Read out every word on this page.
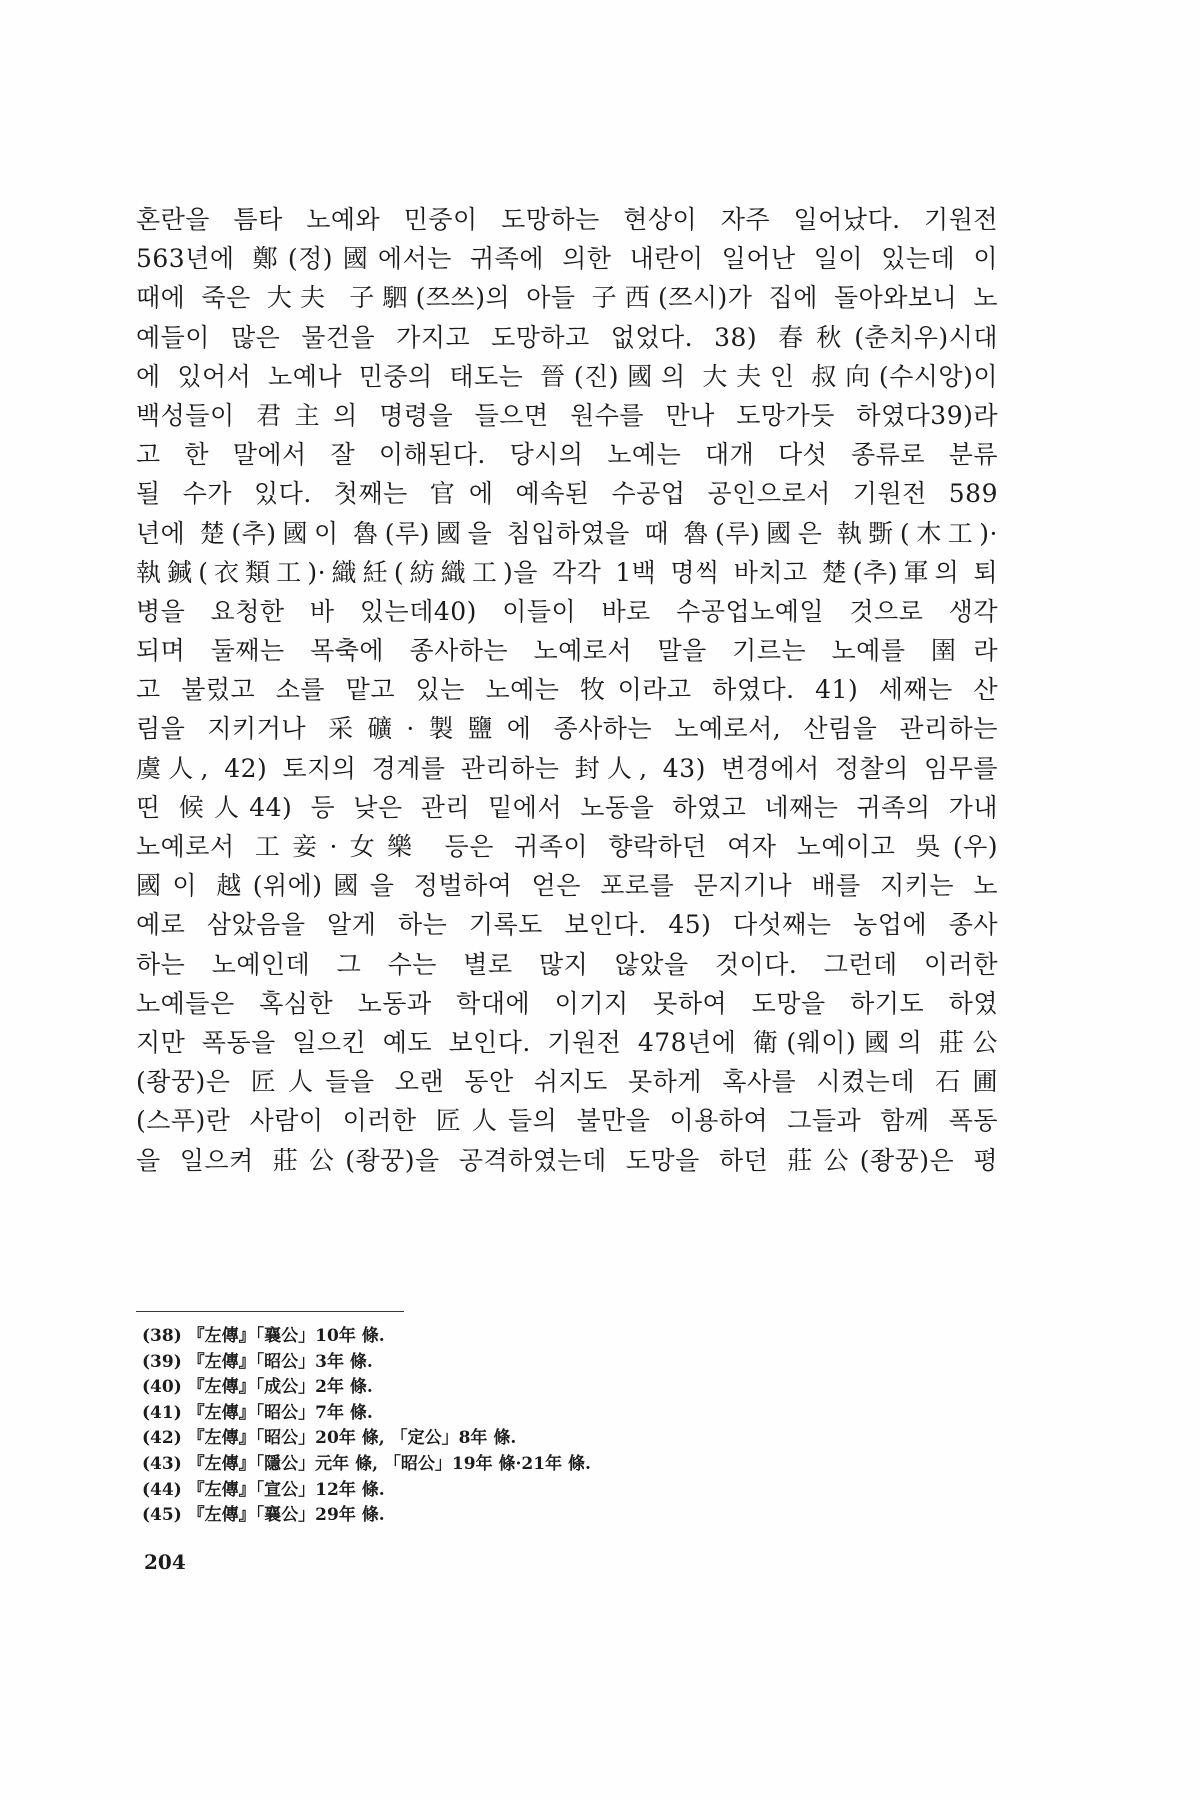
혼란을 틈타 노예와 민중이 도망하는 현상이 자주 일어났다. 기원전
563년에 鄭(정)國에서는 귀족에 의한 내란이 일어난 일이 있는데 이
때에 죽은 大夫 子駟(쯔쓰)의 아들 子西(쯔시)가 집에 돌아와보니 노
예들이 많은 물건을 가지고 도망하고 없었다. 38) 春秋(춘치우)시대
에 있어서 노예나 민중의 태도는 晉(진)國의 大夫인 叔向(수시앙)이
백성들이 君主의 명령을 들으면 원수를 만나 도망가듯 하였다39)라
고 한 말에서 잘 이해된다. 당시의 노예는 대개 다섯 종류로 분류
될 수가 있다. 첫째는 官에 예속된 수공업 공인으로서 기원전 589
년에 楚(추)國이 魯(루)國을 침입하였을 때 魯(루)國은 執斲(木工)·
執鍼(衣類工)·織紝(紡織工)을 각각 1백 명씩 바치고 楚(추)軍의 퇴
병을 요청한 바 있는데40) 이들이 바로 수공업노예일 것으로 생각
되며 둘째는 목축에 종사하는 노예로서 말을 기르는 노예를 圉라
고 불렀고 소를 맡고 있는 노예는 牧이라고 하였다. 41) 세째는 산
림을 지키거나 采礦·製鹽에 종사하는 노예로서, 산림을 관리하는
虞人, 42) 토지의 경계를 관리하는 封人, 43) 변경에서 정찰의 임무를
띤 候人44) 등 낮은 관리 밑에서 노동을 하였고 네째는 귀족의 가내
노예로서 工妾·女樂 등은 귀족이 향락하던 여자 노예이고 吳(우)
國이 越(위에)國을 정벌하여 얻은 포로를 문지기나 배를 지키는 노
예로 삼았음을 알게 하는 기록도 보인다. 45) 다섯째는 농업에 종사
하는 노예인데 그 수는 별로 많지 않았을 것이다. 그런데 이러한
노예들은 혹심한 노동과 학대에 이기지 못하여 도망을 하기도 하였
지만 폭동을 일으킨 예도 보인다. 기원전 478년에 衛(웨이)國의 莊公
(좡꿍)은 匠人들을 오랜 동안 쉬지도 못하게 혹사를 시켰는데 石圃
(스푸)란 사람이 이러한 匠人들의 불만을 이용하여 그들과 함께 폭동
을 일으켜 莊公(좡꿍)을 공격하였는데 도망을 하던 莊公(좡꿍)은 평
(38) 『左傳』「襄公」10年 條.
(39) 『左傳』「昭公」3年 條.
(40) 『左傳』「成公」2年 條.
(41) 『左傳』「昭公」7年 條.
(42) 『左傳』「昭公」20年 條, 「定公」8年 條.
(43) 『左傳』「隱公」元年 條, 「昭公」19年 條·21年 條.
(44) 『左傳』「宣公」12年 條.
(45) 『左傳』「襄公」29年 條.
204
